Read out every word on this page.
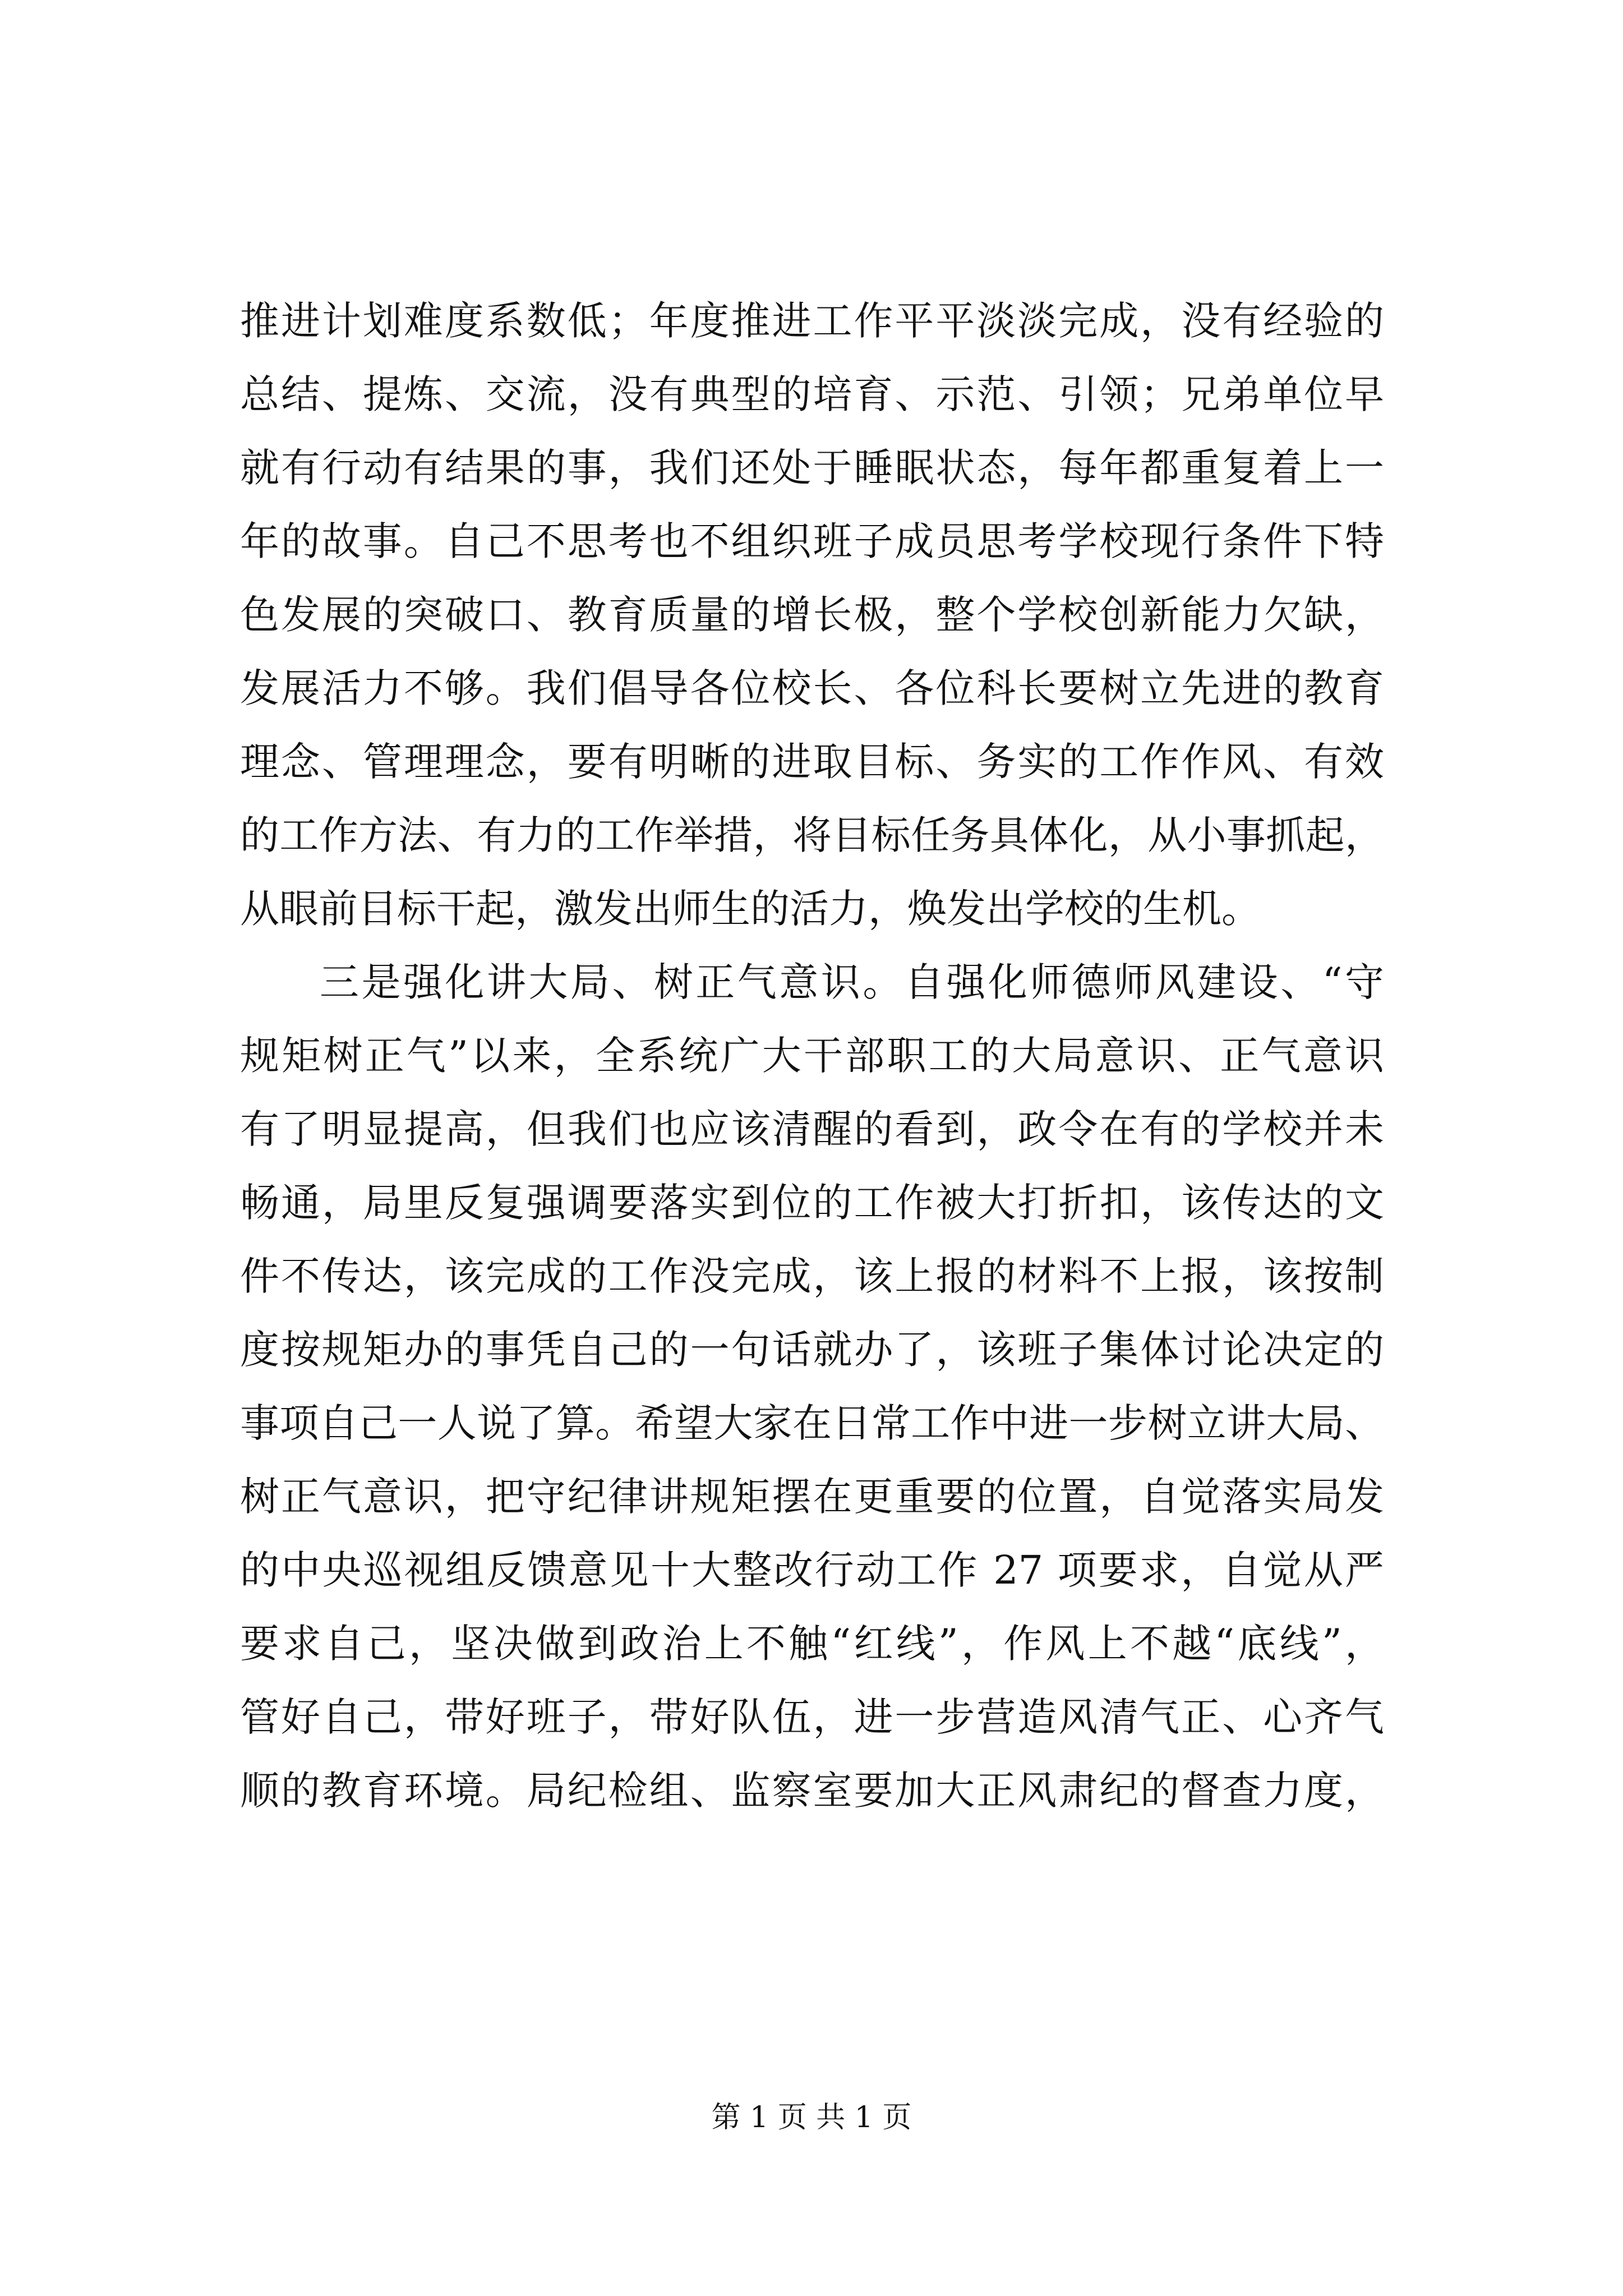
推进计划难度系数低；年度推进工作平平淡淡完成，没有经验的
总结、提炼、交流，没有典型的培育、示范、引领；兄弟单位早
就有行动有结果的事，我们还处于睡眠状态，每年都重复着上一
年的故事。自己不思考也不组织班子成员思考学校现行条件下特
色发展的突破口、教育质量的增长极，整个学校创新能力欠缺，
发展活力不够。我们倡导各位校长、各位科长要树立先进的教育
理念、管理理念，要有明晰的进取目标、务实的工作作风、有效
的工作方法、有力的工作举措，将目标任务具体化，从小事抓起，
从眼前目标干起，激发出师生的活力，焕发出学校的生机。
三是强化讲大局、树正气意识。自强化师德师风建设、“守
规矩树正气”以来，全系统广大干部职工的大局意识、正气意识
有了明显提高，但我们也应该清醒的看到，政令在有的学校并未
畅通，局里反复强调要落实到位的工作被大打折扣，该传达的文
件不传达，该完成的工作没完成，该上报的材料不上报，该按制
度按规矩办的事凭自己的一句话就办了，该班子集体讨论决定的
事项自己一人说了算。希望大家在日常工作中进一步树立讲大局、
树正气意识，把守纪律讲规矩摆在更重要的位置，自觉落实局发
的中央巡视组反馈意见十大整改行动工作 27 项要求，自觉从严
要求自己，坚决做到政治上不触“红线”，作风上不越“底线”，
管好自己，带好班子，带好队伍，进一步营造风清气正、心齐气
顺的教育环境。局纪检组、监察室要加大正风肃纪的督查力度，
第 1 页 共 1 页
